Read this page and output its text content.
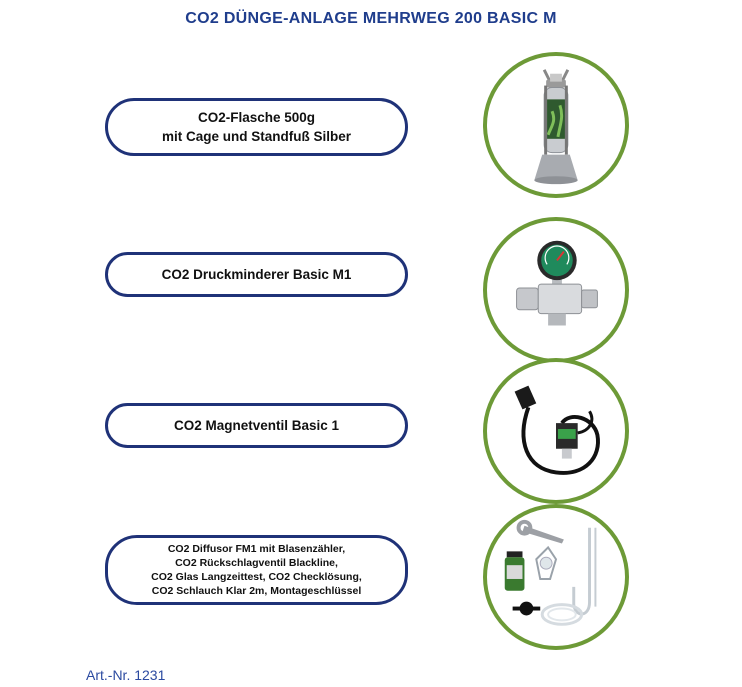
CO2 DÜNGE-ANLAGE MEHRWEG 200 BASIC M
CO2-Flasche 500g
mit Cage und Standfuß Silber
CO2 Druckminderer Basic M1
CO2 Magnetventil Basic 1
CO2 Diffusor FM1 mit Blasenzähler,
CO2 Rückschlagventil Blackline,
CO2 Glas Langzeittest, CO2 Checklösung,
CO2 Schlauch Klar 2m, Montageschlüssel
Art.-Nr. 1231
